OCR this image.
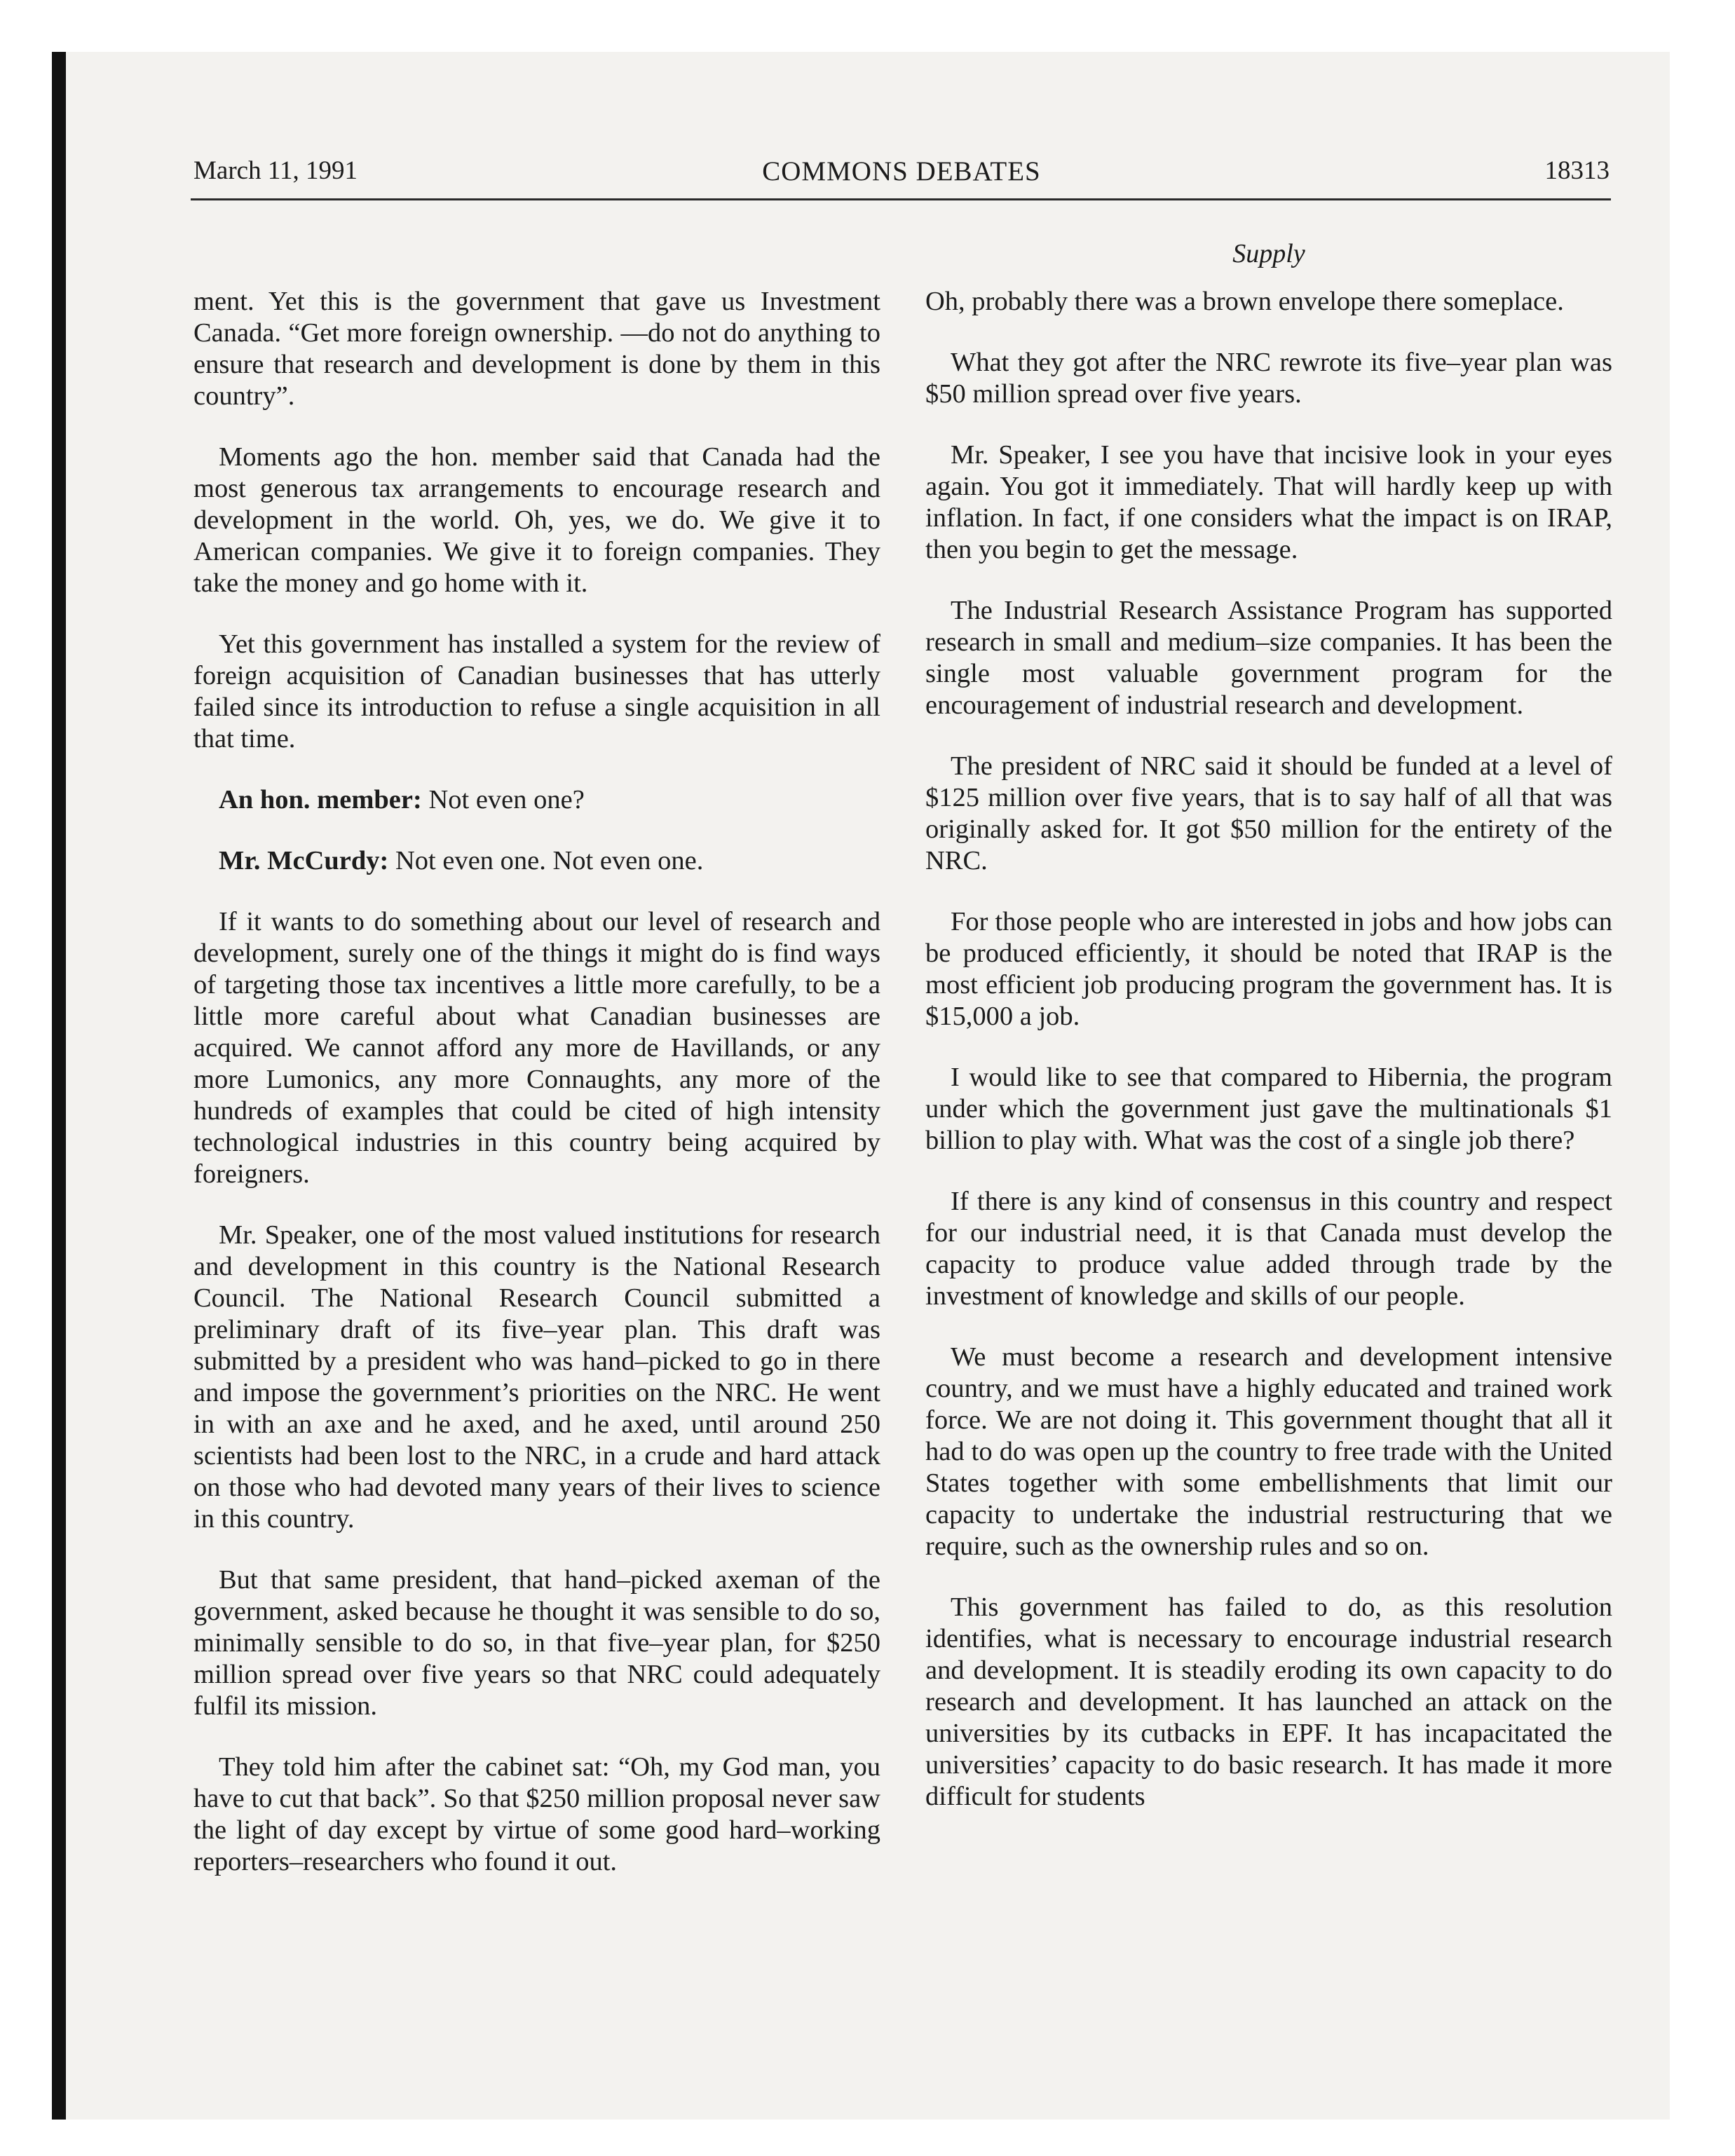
March 11, 1991	COMMONS DEBATES	18313
Supply

ment. Yet this is the government that gave us Investment Canada. “Get more foreign ownership. —do not do anything to ensure that research and development is done by them in this country”.

Moments ago the hon. member said that Canada had the most generous tax arrangements to encourage research and development in the world. Oh, yes, we do. We give it to American companies. We give it to foreign companies. They take the money and go home with it.

Yet this government has installed a system for the review of foreign acquisition of Canadian businesses that has utterly failed since its introduction to refuse a single acquisition in all that time.

An hon. member: Not even one?

Mr. McCurdy: Not even one. Not even one.

If it wants to do something about our level of research and development, surely one of the things it might do is find ways of targeting those tax incentives a little more carefully, to be a little more careful about what Canadian businesses are acquired. We cannot afford any more de Havillands, or any more Lumonics, any more Connaughts, any more of the hundreds of examples that could be cited of high intensity technological industries in this country being acquired by foreigners.

Mr. Speaker, one of the most valued institutions for research and development in this country is the National Research Council. The National Research Council submitted a preliminary draft of its five–year plan. This draft was submitted by a president who was hand–picked to go in there and impose the government’s priorities on the NRC. He went in with an axe and he axed, and he axed, until around 250 scientists had been lost to the NRC, in a crude and hard attack on those who had devoted many years of their lives to science in this country.

But that same president, that hand–picked axeman of the government, asked because he thought it was sensible to do so, minimally sensible to do so, in that five–year plan, for $250 million spread over five years so that NRC could adequately fulfil its mission.

They told him after the cabinet sat: “Oh, my God man, you have to cut that back”. So that $250 million proposal never saw the light of day except by virtue of some good hard–working reporters–researchers who found it out.

Oh, probably there was a brown envelope there someplace.

What they got after the NRC rewrote its five–year plan was $50 million spread over five years.

Mr. Speaker, I see you have that incisive look in your eyes again. You got it immediately. That will hardly keep up with inflation. In fact, if one considers what the impact is on IRAP, then you begin to get the message.

The Industrial Research Assistance Program has supported research in small and medium–size companies. It has been the single most valuable government program for the encouragement of industrial research and development.

The president of NRC said it should be funded at a level of $125 million over five years, that is to say half of all that was originally asked for. It got $50 million for the entirety of the NRC.

For those people who are interested in jobs and how jobs can be produced efficiently, it should be noted that IRAP is the most efficient job producing program the government has. It is $15,000 a job.

I would like to see that compared to Hibernia, the program under which the government just gave the multinationals $1 billion to play with. What was the cost of a single job there?

If there is any kind of consensus in this country and respect for our industrial need, it is that Canada must develop the capacity to produce value added through trade by the investment of knowledge and skills of our people.

We must become a research and development intensive country, and we must have a highly educated and trained work force. We are not doing it. This government thought that all it had to do was open up the country to free trade with the United States together with some embellishments that limit our capacity to undertake the industrial restructuring that we require, such as the ownership rules and so on.

This government has failed to do, as this resolution identifies, what is necessary to encourage industrial research and development. It is steadily eroding its own capacity to do research and development. It has launched an attack on the universities by its cutbacks in EPF. It has incapacitated the universities’ capacity to do basic research. It has made it more difficult for students
